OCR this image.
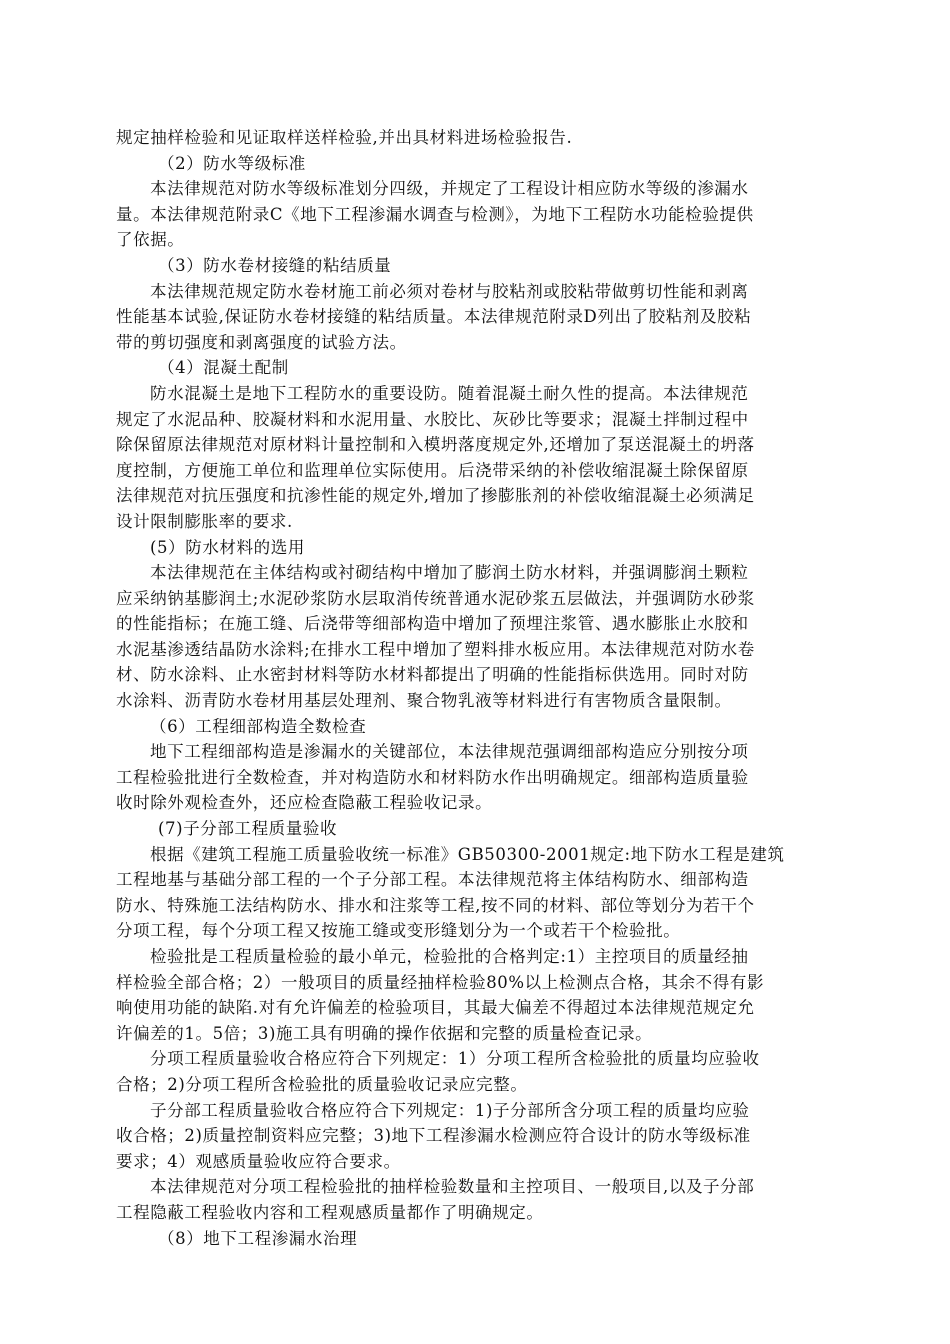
规定抽样检验和见证取样送样检验,并出具材料进场检验报告.
（2）防水等级标准
本法律规范对防水等级标准划分四级，并规定了工程设计相应防水等级的渗漏水
量。本法律规范附录C《地下工程渗漏水调查与检测》，为地下工程防水功能检验提供
了依据。
（3）防水卷材接缝的粘结质量
本法律规范规定防水卷材施工前必须对卷材与胶粘剂或胶粘带做剪切性能和剥离
性能基本试验,保证防水卷材接缝的粘结质量。本法律规范附录D列出了胶粘剂及胶粘
带的剪切强度和剥离强度的试验方法。
（4）混凝土配制
防水混凝土是地下工程防水的重要设防。随着混凝土耐久性的提高。本法律规范
规定了水泥品种、胶凝材料和水泥用量、水胶比、灰砂比等要求；混凝土拌制过程中
除保留原法律规范对原材料计量控制和入模坍落度规定外,还增加了泵送混凝土的坍落
度控制，方便施工单位和监理单位实际使用。后浇带采纳的补偿收缩混凝土除保留原
法律规范对抗压强度和抗渗性能的规定外,增加了掺膨胀剂的补偿收缩混凝土必须满足
设计限制膨胀率的要求.
(5）防水材料的选用
本法律规范在主体结构或衬砌结构中增加了膨润土防水材料，并强调膨润土颗粒
应采纳钠基膨润土;水泥砂浆防水层取消传统普通水泥砂浆五层做法，并强调防水砂浆
的性能指标；在施工缝、后浇带等细部构造中增加了预埋注浆管、遇水膨胀止水胶和
水泥基渗透结晶防水涂料;在排水工程中增加了塑料排水板应用。本法律规范对防水卷
材、防水涂料、止水密封材料等防水材料都提出了明确的性能指标供选用。同时对防
水涂料、沥青防水卷材用基层处理剂、聚合物乳液等材料进行有害物质含量限制。
（6）工程细部构造全数检查
地下工程细部构造是渗漏水的关键部位，本法律规范强调细部构造应分别按分项
工程检验批进行全数检查，并对构造防水和材料防水作出明确规定。细部构造质量验
收时除外观检查外，还应检查隐蔽工程验收记录。
(7)子分部工程质量验收
根据《建筑工程施工质量验收统一标准》GB50300-2001规定:地下防水工程是建筑
工程地基与基础分部工程的一个子分部工程。本法律规范将主体结构防水、细部构造
防水、特殊施工法结构防水、排水和注浆等工程,按不同的材料、部位等划分为若干个
分项工程，每个分项工程又按施工缝或变形缝划分为一个或若干个检验批。
检验批是工程质量检验的最小单元，检验批的合格判定:1）主控项目的质量经抽
样检验全部合格；2）一般项目的质量经抽样检验80%以上检测点合格，其余不得有影
响使用功能的缺陷.对有允许偏差的检验项目，其最大偏差不得超过本法律规范规定允
许偏差的1。5倍；3)施工具有明确的操作依据和完整的质量检查记录。
分项工程质量验收合格应符合下列规定：1）分项工程所含检验批的质量均应验收
合格；2)分项工程所含检验批的质量验收记录应完整。
子分部工程质量验收合格应符合下列规定：1)子分部所含分项工程的质量均应验
收合格；2)质量控制资料应完整；3)地下工程渗漏水检测应符合设计的防水等级标准
要求；4）观感质量验收应符合要求。
本法律规范对分项工程检验批的抽样检验数量和主控项目、一般项目,以及子分部
工程隐蔽工程验收内容和工程观感质量都作了明确规定。
（8）地下工程渗漏水治理
